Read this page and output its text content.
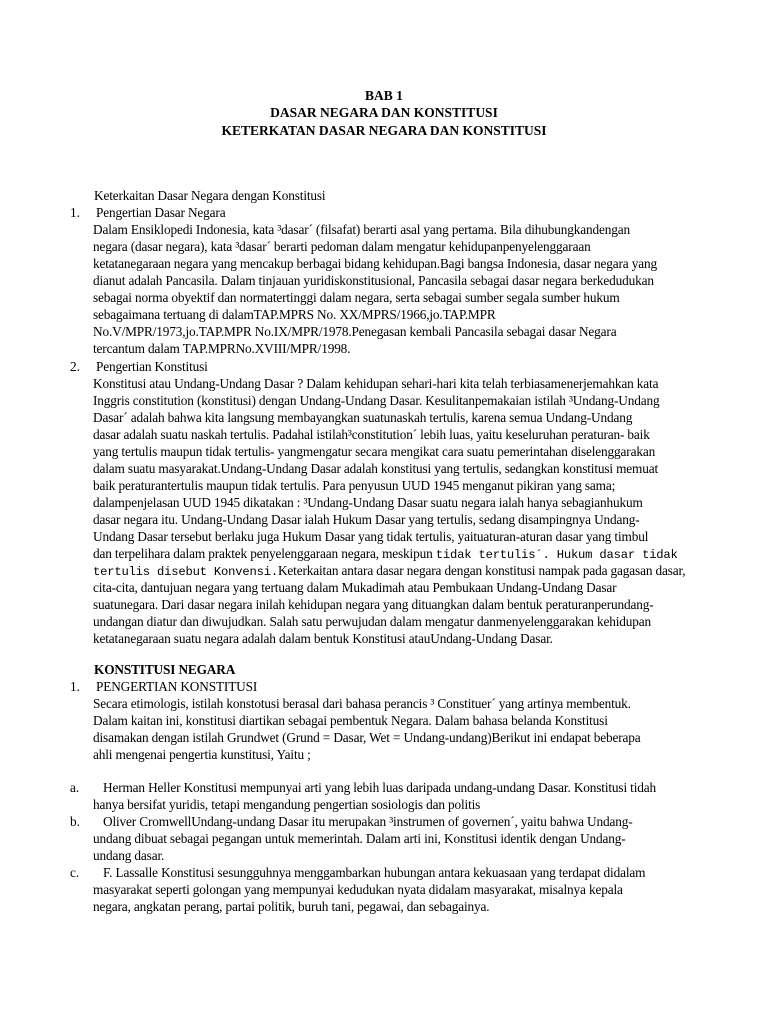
BAB 1

DASAR NEGARA DAN KONSTITUSI

KETERKATAN DASAR NEGARA DAN KONSTITUSI

Keterkaitan Dasar Negara dengan Konstitusi

1. Pengertian Dasar Negara

Dalam Ensiklopedi Indonesia, kata ³dasar´ (filsafat) berarti asal yang pertama. Bila dihubungkandengan

negara (dasar negara), kata ³dasar´ berarti pedoman dalam mengatur kehidupanpenyelenggaraan

ketatanegaraan negara yang mencakup berbagai bidang kehidupan.Bagi bangsa Indonesia, dasar negara yang

dianut adalah Pancasila. Dalam tinjauan yuridiskonstitusional, Pancasila sebagai dasar negara berkedudukan

sebagai norma obyektif dan normatertinggi dalam negara, serta sebagai sumber segala sumber hukum

sebagaimana tertuang di dalamTAP.MPRS No. XX/MPRS/1966,jo.TAP.MPR

No.V/MPR/1973,jo.TAP.MPR No.IX/MPR/1978.Penegasan kembali Pancasila sebagai dasar Negara

tercantum dalam TAP.MPRNo.XVIII/MPR/1998.

2. Pengertian Konstitusi

Konstitusi atau Undang-Undang Dasar ? Dalam kehidupan sehari-hari kita telah terbiasamenerjemahkan kata

Inggris constitution (konstitusi) dengan Undang-Undang Dasar. Kesulitanpemakaian istilah ³Undang-Undang

Dasar´ adalah bahwa kita langsung membayangkan suatunaskah tertulis, karena semua Undang-Undang

dasar adalah suatu naskah tertulis. Padahal istilah³constitution´ lebih luas, yaitu keseluruhan peraturan- baik

yang tertulis maupun tidak tertulis- yangmengatur secara mengikat cara suatu pemerintahan diselenggarakan

dalam suatu masyarakat.Undang-Undang Dasar adalah konstitusi yang tertulis, sedangkan konstitusi memuat

baik peraturantertulis maupun tidak tertulis. Para penyusun UUD 1945 menganut pikiran yang sama;

dalampenjelasan UUD 1945 dikatakan : ³Undang-Undang Dasar suatu negara ialah hanya sebagianhukum

dasar negara itu. Undang-Undang Dasar ialah Hukum Dasar yang tertulis, sedang disampingnya Undang-

Undang Dasar tersebut berlaku juga Hukum Dasar yang tidak tertulis, yaituaturan-aturan dasar yang timbul

dan terpelihara dalam praktek penyelenggaraan negara, meskipun tidak tertulis´. Hukum dasar tidak

tertulis disebut Konvensi.Keterkaitan antara dasar negara dengan konstitusi nampak pada gagasan dasar,

cita-cita, dantujuan negara yang tertuang dalam Mukadimah atau Pembukaan Undang-Undang Dasar

suatunegara. Dari dasar negara inilah kehidupan negara yang dituangkan dalam bentuk peraturanperundang-

undangan diatur dan diwujudkan. Salah satu perwujudan dalam mengatur danmenyelenggarakan kehidupan

ketatanegaraan suatu negara adalah dalam bentuk Konstitusi atauUndang-Undang Dasar.

KONSTITUSI NEGARA

1. PENGERTIAN KONSTITUSI

Secara etimologis, istilah konstotusi berasal dari bahasa perancis ³ Constituer´ yang artinya membentuk.

Dalam kaitan ini, konstitusi diartikan sebagai pembentuk Negara. Dalam bahasa belanda Konstitusi

disamakan dengan istilah Grundwet (Grund = Dasar, Wet = Undang-undang)Berikut ini endapat beberapa

ahli mengenai pengertia kunstitusi, Yaitu ;

a. Herman Heller Konstitusi mempunyai arti yang lebih luas daripada undang-undang Dasar. Konstitusi tidah

hanya bersifat yuridis, tetapi mengandung pengertian sosiologis dan politis

b. Oliver CromwellUndang-undang Dasar itu merupakan ³instrumen of governen´, yaitu bahwa Undang-

undang dibuat sebagai pegangan untuk memerintah. Dalam arti ini, Konstitusi identik dengan Undang-

undang dasar.

c. F. Lassalle Konstitusi sesungguhnya menggambarkan hubungan antara kekuasaan yang terdapat didalam

masyarakat seperti golongan yang mempunyai kedudukan nyata didalam masyarakat, misalnya kepala

negara, angkatan perang, partai politik, buruh tani, pegawai, dan sebagainya.
